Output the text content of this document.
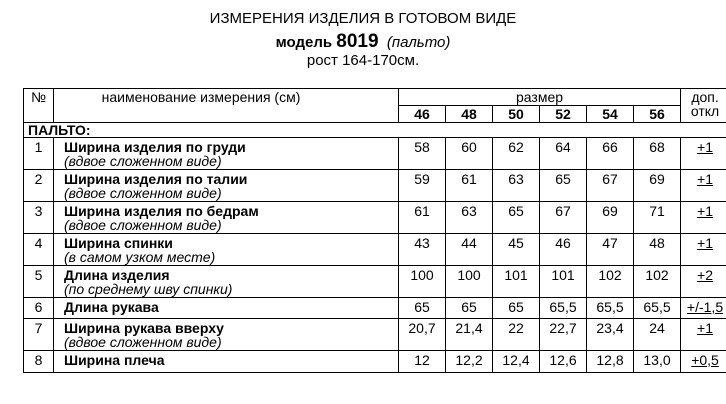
ИЗМЕРЕНИЯ ИЗДЕЛИЯ В ГОТОВОМ ВИДЕ
модель 8019 (пальто)
рост 164-170см.
№	наименование измерения (см)	размер						доп.
откл
		46	48	50	52	54	56	
ПАЛЬТО:								
1	Ширина изделия по груди
(вдвое сложенном виде)	58	60	62	64	66	68	+1
2	Ширина изделия по талии
(вдвое сложенном виде)	59	61	63	65	67	69	+1
3	Ширина изделия по бедрам
(вдвое сложенном виде)	61	63	65	67	69	71	+1
4	Ширина спинки
(в самом узком месте)	43	44	45	46	47	48	+1
5	Длина изделия
(по среднему шву спинки)	100	100	101	101	102	102	+2
6	Длина рукава	65	65	65	65,5	65,5	65,5	+/-1,5
7	Ширина рукава вверху
(вдвое сложенном виде)	20,7	21,4	22	22,7	23,4	24	+1
8	Ширина плеча	12	12,2	12,4	12,6	12,8	13,0	+0,5
